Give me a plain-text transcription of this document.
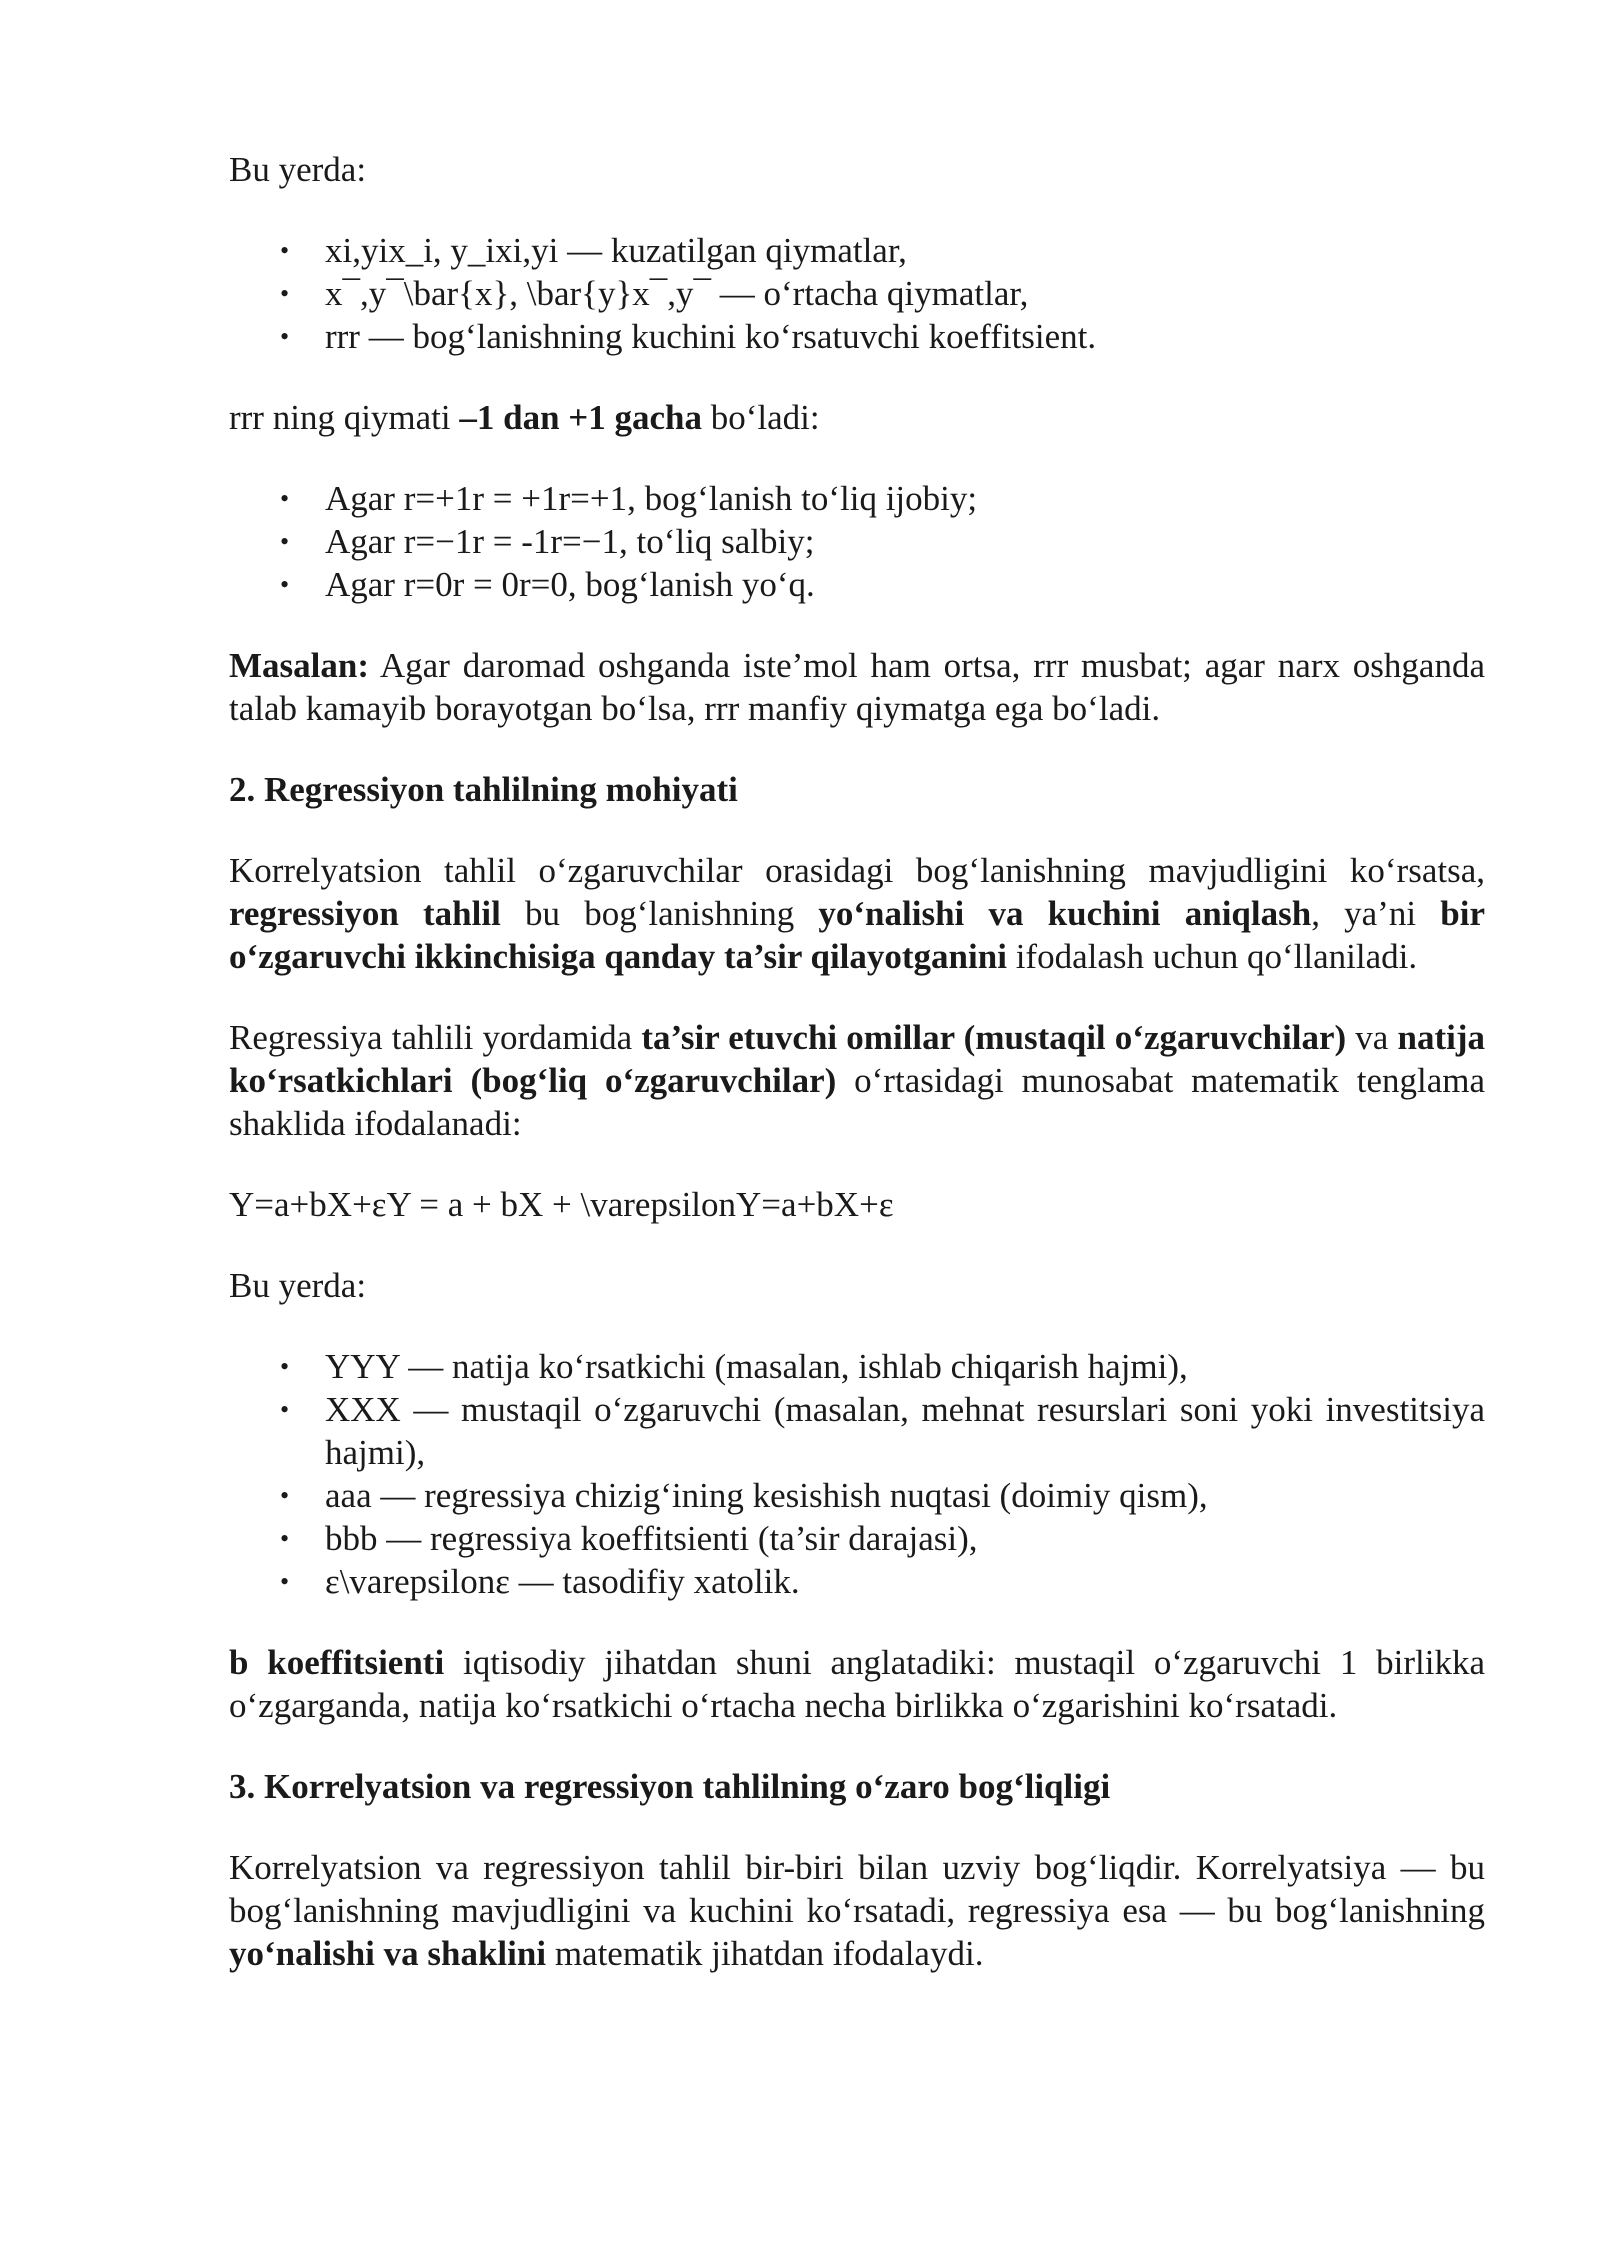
Bu yerda:

• xi,yix_i, y_ixi,yi — kuzatilgan qiymatlar,
• x¯,y¯\bar{x}, \bar{y}x¯,y¯ — o‘rtacha qiymatlar,
• rrr — bog‘lanishning kuchini ko‘rsatuvchi koeffitsient.

rrr ning qiymati –1 dan +1 gacha bo‘ladi:

• Agar r=+1r = +1r=+1, bog‘lanish to‘liq ijobiy;
• Agar r=−1r = -1r=−1, to‘liq salbiy;
• Agar r=0r = 0r=0, bog‘lanish yo‘q.

Masalan: Agar daromad oshganda iste’mol ham ortsa, rrr musbat; agar narx oshganda talab kamayib borayotgan bo‘lsa, rrr manfiy qiymatga ega bo‘ladi.

2. Regressiyon tahlilning mohiyati

Korrelyatsion tahlil o‘zgaruvchilar orasidagi bog‘lanishning mavjudligini ko‘rsatsa, regressiyon tahlil bu bog‘lanishning yo‘nalishi va kuchini aniqlash, ya’ni bir o‘zgaruvchi ikkinchisiga qanday ta’sir qilayotganini ifodalash uchun qo‘llaniladi.

Regressiya tahlili yordamida ta’sir etuvchi omillar (mustaqil o‘zgaruvchilar) va natija ko‘rsatkichlari (bog‘liq o‘zgaruvchilar) o‘rtasidagi munosabat matematik tenglama shaklida ifodalanadi:

Y=a+bX+εY = a + bX + \varepsilonY=a+bX+ε

Bu yerda:

• YYY — natija ko‘rsatkichi (masalan, ishlab chiqarish hajmi),
• XXX — mustaqil o‘zgaruvchi (masalan, mehnat resurslari soni yoki investitsiya hajmi),
• aaa — regressiya chizig‘ining kesishish nuqtasi (doimiy qism),
• bbb — regressiya koeffitsienti (ta’sir darajasi),
• ε\varepsilonε — tasodifiy xatolik.

b koeffitsienti iqtisodiy jihatdan shuni anglatadiki: mustaqil o‘zgaruvchi 1 birlikka o‘zgarganda, natija ko‘rsatkichi o‘rtacha necha birlikka o‘zgarishini ko‘rsatadi.

3. Korrelyatsion va regressiyon tahlilning o‘zaro bog‘liqligi

Korrelyatsion va regressiyon tahlil bir-biri bilan uzviy bog‘liqdir. Korrelyatsiya — bu bog‘lanishning mavjudligini va kuchini ko‘rsatadi, regressiya esa — bu bog‘lanishning yo‘nalishi va shaklini matematik jihatdan ifodalaydi.
